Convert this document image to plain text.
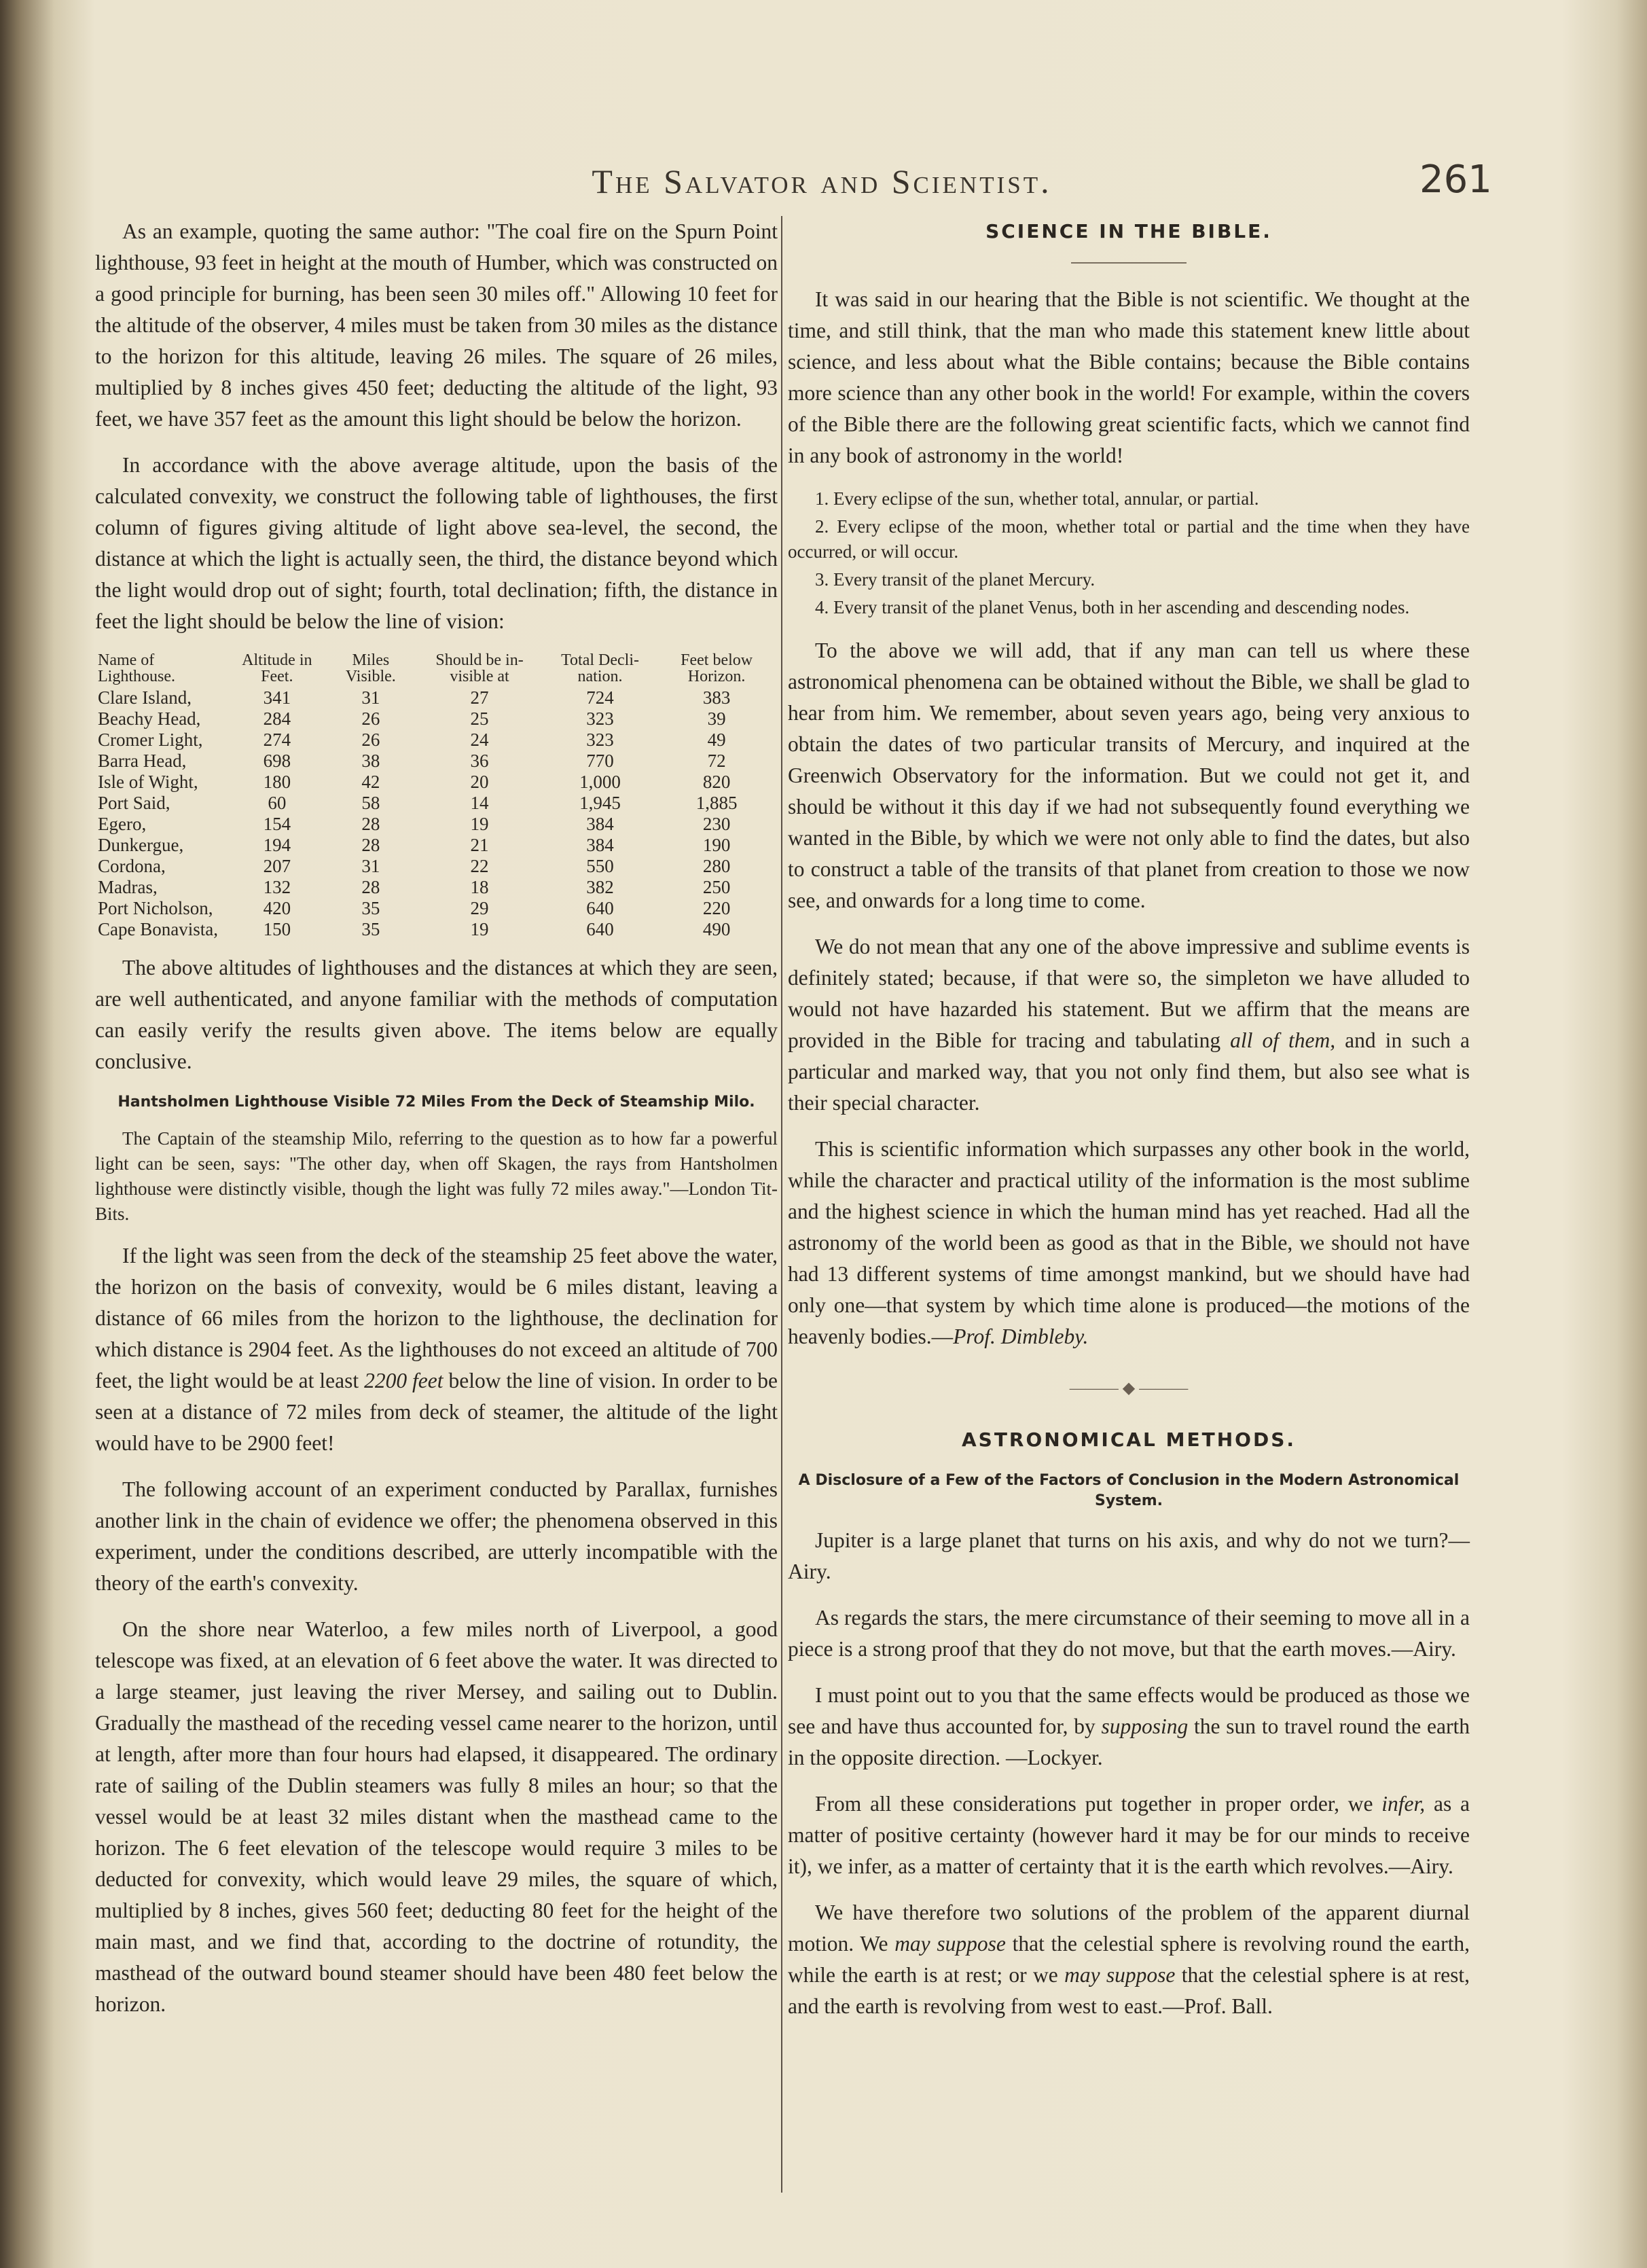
The Salvator and Scientist.	261

As an example, quoting the same author: "The coal fire on the Spurn Point lighthouse, 93 feet in height at the mouth of Humber, which was constructed on a good principle for burning, has been seen 30 miles off." Allowing 10 feet for the altitude of the observer, 4 miles must be taken from 30 miles as the distance to the horizon for this altitude, leaving 26 miles. The square of 26 miles, multiplied by 8 inches gives 450 feet; deducting the altitude of the light, 93 feet, we have 357 feet as the amount this light should be below the horizon.

In accordance with the above average altitude, upon the basis of the calculated convexity, we construct the following table of lighthouses, the first column of figures giving altitude of light above sea-level, the second, the distance at which the light is actually seen, the third, the distance beyond which the light would drop out of sight; fourth, total declination; fifth, the distance in feet the light should be below the line of vision:

Name of Lighthouse.	Altitude in Feet.	Miles Visible.	Should be in-visible at	Total Decli-nation.	Feet below Horizon.
Clare Island,	341	31	27	724	383
Beachy Head,	284	26	25	323	39
Cromer Light,	274	26	24	323	49
Barra Head,	698	38	36	770	72
Isle of Wight,	180	42	20	1,000	820
Port Said,	60	58	14	1,945	1,885
Egero,	154	28	19	384	230
Dunkergue,	194	28	21	384	190
Cordona,	207	31	22	550	280
Madras,	132	28	18	382	250
Port Nicholson,	420	35	29	640	220
Cape Bonavista,	150	35	19	640	490

The above altitudes of lighthouses and the distances at which they are seen, are well authenticated, and anyone familiar with the methods of computation can easily verify the results given above. The items below are equally conclusive.

Hantsholmen Lighthouse Visible 72 Miles From the Deck of Steamship Milo.

The Captain of the steamship Milo, referring to the question as to how far a powerful light can be seen, says: "The other day, when off Skagen, the rays from Hantsholmen lighthouse were distinctly visible, though the light was fully 72 miles away."—London Tit-Bits.

If the light was seen from the deck of the steamship 25 feet above the water, the horizon on the basis of convexity, would be 6 miles distant, leaving a distance of 66 miles from the horizon to the lighthouse, the declination for which distance is 2904 feet. As the lighthouses do not exceed an altitude of 700 feet, the light would be at least 2200 feet below the line of vision. In order to be seen at a distance of 72 miles from deck of steamer, the altitude of the light would have to be 2900 feet!

The following account of an experiment conducted by Parallax, furnishes another link in the chain of evidence we offer; the phenomena observed in this experiment, under the conditions described, are utterly incompatible with the theory of the earth's convexity.

On the shore near Waterloo, a few miles north of Liverpool, a good telescope was fixed, at an elevation of 6 feet above the water. It was directed to a large steamer, just leaving the river Mersey, and sailing out to Dublin. Gradually the masthead of the receding vessel came nearer to the horizon, until at length, after more than four hours had elapsed, it disappeared. The ordinary rate of sailing of the Dublin steamers was fully 8 miles an hour; so that the vessel would be at least 32 miles distant when the masthead came to the horizon. The 6 feet elevation of the telescope would require 3 miles to be deducted for convexity, which would leave 29 miles, the square of which, multiplied by 8 inches, gives 560 feet; deducting 80 feet for the height of the main mast, and we find that, according to the doctrine of rotundity, the masthead of the outward bound steamer should have been 480 feet below the horizon.

SCIENCE IN THE BIBLE.

It was said in our hearing that the Bible is not scientific. We thought at the time, and still think, that the man who made this statement knew little about science, and less about what the Bible contains; because the Bible contains more science than any other book in the world! For example, within the covers of the Bible there are the following great scientific facts, which we cannot find in any book of astronomy in the world!

1. Every eclipse of the sun, whether total, annular, or partial.

2. Every eclipse of the moon, whether total or partial and the time when they have occurred, or will occur.

3. Every transit of the planet Mercury.

4. Every transit of the planet Venus, both in her ascending and descending nodes.

To the above we will add, that if any man can tell us where these astronomical phenomena can be obtained without the Bible, we shall be glad to hear from him. We remember, about seven years ago, being very anxious to obtain the dates of two particular transits of Mercury, and inquired at the Greenwich Observatory for the information. But we could not get it, and should be without it this day if we had not subsequently found everything we wanted in the Bible, by which we were not only able to find the dates, but also to construct a table of the transits of that planet from creation to those we now see, and onwards for a long time to come.

We do not mean that any one of the above impressive and sublime events is definitely stated; because, if that were so, the simpleton we have alluded to would not have hazarded his statement. But we affirm that the means are provided in the Bible for tracing and tabulating all of them, and in such a particular and marked way, that you not only find them, but also see what is their special character.

This is scientific information which surpasses any other book in the world, while the character and practical utility of the information is the most sublime and the highest science in which the human mind has yet reached. Had all the astronomy of the world been as good as that in the Bible, we should not have had 13 different systems of time amongst mankind, but we should have had only one—that system by which time alone is produced—the motions of the heavenly bodies.—Prof. Dimbleby.

——— ◆ ———
ASTRONOMICAL METHODS.
A Disclosure of a Few of the Factors of Conclusion in the Modern Astronomical System.

Jupiter is a large planet that turns on his axis, and why do not we turn?—Airy.

As regards the stars, the mere circumstance of their seeming to move all in a piece is a strong proof that they do not move, but that the earth moves.—Airy.

I must point out to you that the same effects would be produced as those we see and have thus accounted for, by supposing the sun to travel round the earth in the opposite direction. —Lockyer.

From all these considerations put together in proper order, we infer, as a matter of positive certainty (however hard it may be for our minds to receive it), we infer, as a matter of certainty that it is the earth which revolves.—Airy.

We have therefore two solutions of the problem of the apparent diurnal motion. We may suppose that the celestial sphere is revolving round the earth, while the earth is at rest; or we may suppose that the celestial sphere is at rest, and the earth is revolving from west to east.—Prof. Ball.
